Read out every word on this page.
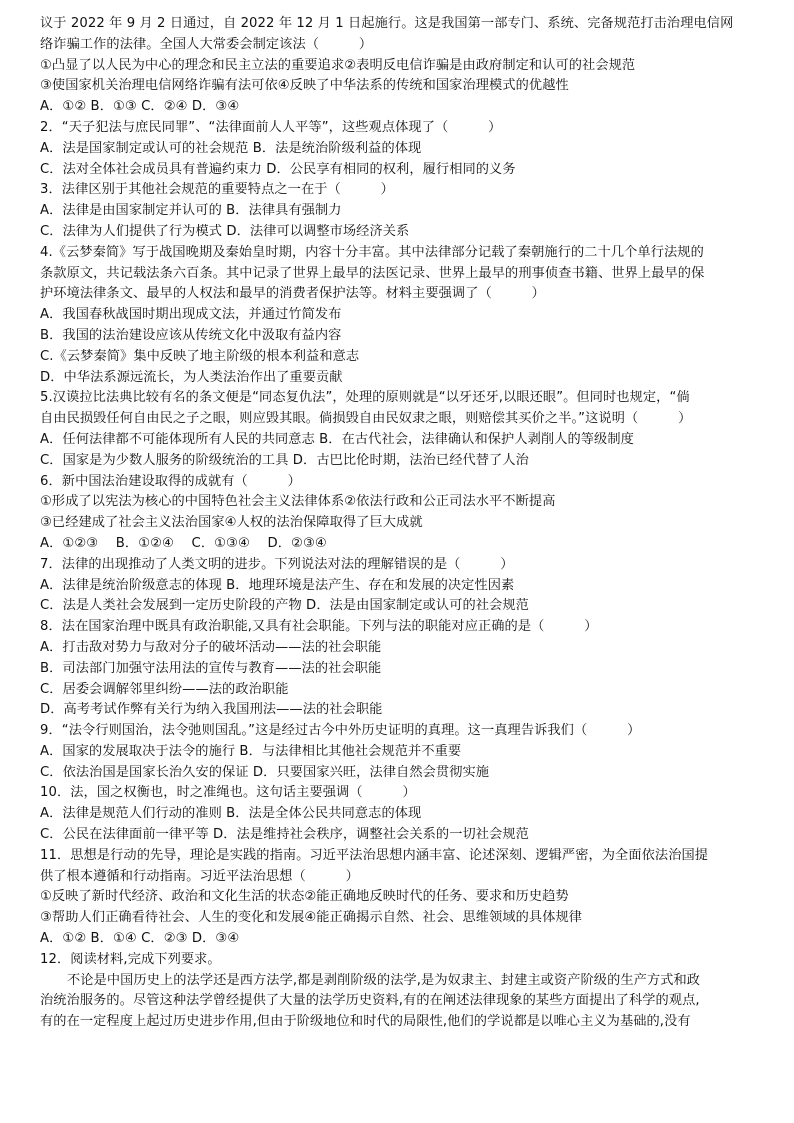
议于 2022 年 9 月 2 日通过，自 2022 年 12 月 1 日起施行。这是我国第一部专门、系统、完备规范打击治理电信网
络诈骗工作的法律。全国人大常委会制定该法（　　　）
①凸显了以人民为中心的理念和民主立法的重要追求②表明反电信诈骗是由政府制定和认可的社会规范
③使国家机关治理电信网络诈骗有法可依④反映了中华法系的传统和国家治理模式的优越性
A．①② B．①③ C．②④ D．③④
2．“天子犯法与庶民同罪”、“法律面前人人平等”，这些观点体现了（　　　）
A．法是国家制定或认可的社会规范 B．法是统治阶级利益的体现
C．法对全体社会成员具有普遍约束力 D．公民享有相同的权利，履行相同的义务
3．法律区别于其他社会规范的重要特点之一在于（　　　）
A．法律是由国家制定并认可的 B．法律具有强制力
C．法律为人们提供了行为模式 D．法律可以调整市场经济关系
4.《云梦秦简》写于战国晚期及秦始皇时期，内容十分丰富。其中法律部分记载了秦朝施行的二十几个单行法规的
条款原文，共记载法条六百条。其中记录了世界上最早的法医记录、世界上最早的刑事侦查书籍、世界上最早的保
护环境法律条文、最早的人权法和最早的消费者保护法等。材料主要强调了（　　　）
A．我国春秋战国时期出现成文法，并通过竹简发布
B．我国的法治建设应该从传统文化中汲取有益内容
C.《云梦秦简》集中反映了地主阶级的根本利益和意志
D．中华法系源远流长，为人类法治作出了重要贡献
5.汉谟拉比法典比较有名的条文便是“同态复仇法”，处理的原则就是“以牙还牙,以眼还眼”。但同时也规定，“倘
自由民损毁任何自由民之子之眼，则应毁其眼。倘损毁自由民奴隶之眼，则赔偿其买价之半。”这说明（　　　）
A．任何法律都不可能体现所有人民的共同意志 B．在古代社会，法律确认和保护人剥削人的等级制度
C．国家是为少数人服务的阶级统治的工具 D．古巴比伦时期，法治已经代替了人治
6．新中国法治建设取得的成就有（　　　）
①形成了以宪法为核心的中国特色社会主义法律体系②依法行政和公正司法水平不断提高
③已经建成了社会主义法治国家④人权的法治保障取得了巨大成就
A．①②③　 B．①②④　 C．①③④　 D．②③④
7．法律的出现推动了人类文明的进步。下列说法对法的理解错误的是（　　　）
A．法律是统治阶级意志的体现 B．地理环境是法产生、存在和发展的决定性因素
C．法是人类社会发展到一定历史阶段的产物 D．法是由国家制定或认可的社会规范
8．法在国家治理中既具有政治职能,又具有社会职能。下列与法的职能对应正确的是（　　　）
A．打击敌对势力与敌对分子的破坏活动——法的社会职能
B．司法部门加强守法用法的宣传与教育——法的社会职能
C．居委会调解邻里纠纷——法的政治职能
D．高考考试作弊有关行为纳入我国刑法——法的社会职能
9．“法令行则国治，法令弛则国乱。”这是经过古今中外历史证明的真理。这一真理告诉我们（　　　）
A．国家的发展取决于法令的施行 B．与法律相比其他社会规范并不重要
C．依法治国是国家长治久安的保证 D．只要国家兴旺，法律自然会贯彻实施
10．法，国之权衡也，时之准绳也。这句话主要强调（　　　）
A．法律是规范人们行动的准则 B．法是全体公民共同意志的体现
C．公民在法律面前一律平等 D．法是维持社会秩序，调整社会关系的一切社会规范
11．思想是行动的先导，理论是实践的指南。习近平法治思想内涵丰富、论述深刻、逻辑严密，为全面依法治国提
供了根本遵循和行动指南。习近平法治思想（　　　）
①反映了新时代经济、政治和文化生活的状态②能正确地反映时代的任务、要求和历史趋势
③帮助人们正确看待社会、人生的变化和发展④能正确揭示自然、社会、思维领域的具体规律
A．①② B．①④ C．②③ D．③④
12．阅读材料,完成下列要求。
不论是中国历史上的法学还是西方法学,都是剥削阶级的法学,是为奴隶主、封建主或资产阶级的生产方式和政
治统治服务的。尽管这种法学曾经提供了大量的法学历史资料,有的在阐述法律现象的某些方面提出了科学的观点,
有的在一定程度上起过历史进步作用,但由于阶级地位和时代的局限性,他们的学说都是以唯心主义为基础的,没有
